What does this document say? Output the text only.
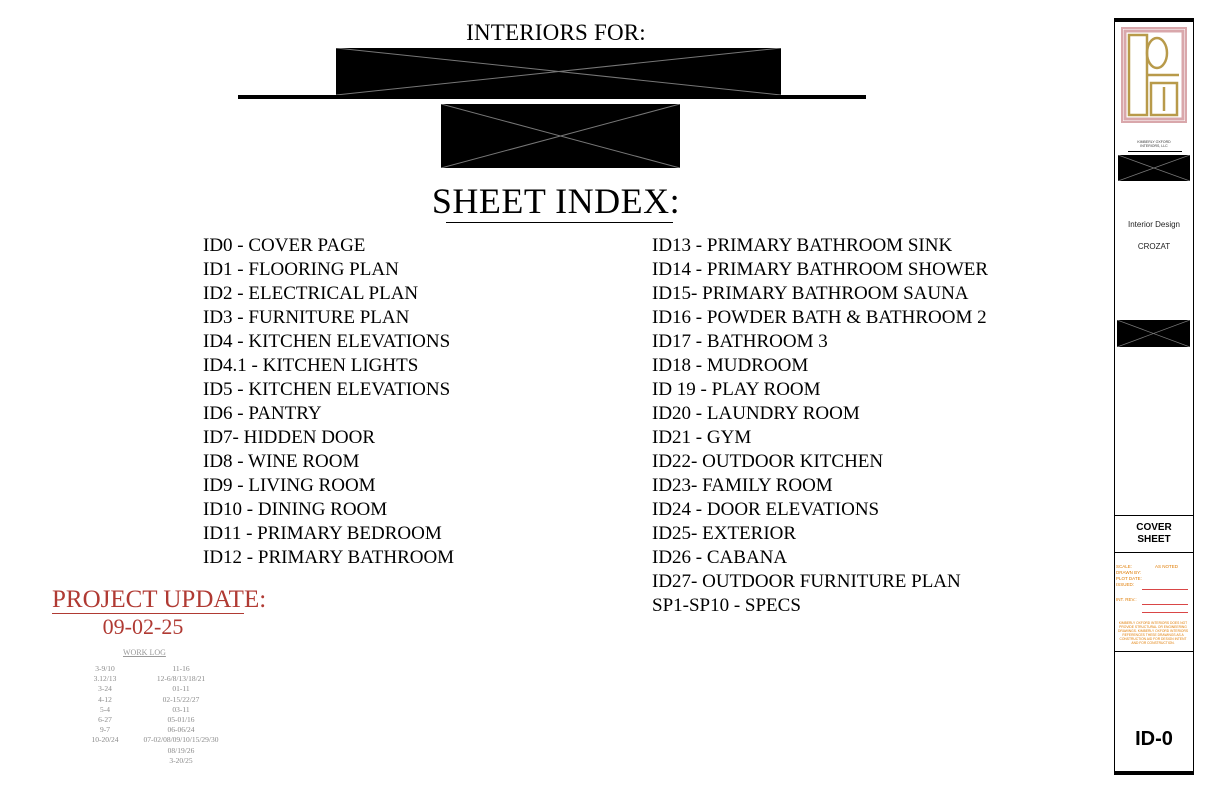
INTERIORS FOR:
SHEET INDEX:
ID0 - COVER PAGE
ID1 - FLOORING PLAN
ID2 - ELECTRICAL PLAN
ID3 - FURNITURE PLAN
ID4 - KITCHEN ELEVATIONS
ID4.1 - KITCHEN LIGHTS
ID5 - KITCHEN ELEVATIONS
ID6 - PANTRY
ID7- HIDDEN DOOR
ID8 - WINE ROOM
ID9 - LIVING ROOM
ID10 - DINING ROOM
ID11 - PRIMARY BEDROOM
ID12 - PRIMARY BATHROOM
ID13 - PRIMARY BATHROOM SINK
ID14 - PRIMARY BATHROOM SHOWER
ID15- PRIMARY BATHROOM SAUNA
ID16 - POWDER BATH & BATHROOM 2
ID17 - BATHROOM 3
ID18 - MUDROOM
ID 19 - PLAY ROOM
ID20 - LAUNDRY ROOM
ID21 - GYM
ID22- OUTDOOR KITCHEN
ID23- FAMILY ROOM
ID24 - DOOR ELEVATIONS
ID25- EXTERIOR
ID26 - CABANA
ID27- OUTDOOR FURNITURE PLAN
SP1-SP10 - SPECS
PROJECT UPDATE:
09-02-25
WORK LOG
3-9/10
3.12/13
3-24
4-12
5-4
6-27
9-7
10-20/24
11-16
12-6/8/13/18/21
01-11
02-15/22/27
03-11
05-01/16
06-06/24
07-02/08/09/10/15/29/30
08/19/26
3-20/25
KIMBERLY OXFORD
INTERIORS, LLC
Interior Design
CROZAT
COVER
SHEET
SCALE:	AS NOTED
DRAWN BY:
PLOT DATE:
ISSUED:
INT. REV.:
KIMBERLY OXFORD INTERIORS DOES NOT PROVIDE STRUCTURAL OR ENGINEERING DRAWINGS. KIMBERLY OXFORD INTERIORS REFERENCES THESE DRAWINGS AS A CONSTRUCTION AID FOR DESIGN INTENT AND FOR CONSTRUCTION.
ID-0
